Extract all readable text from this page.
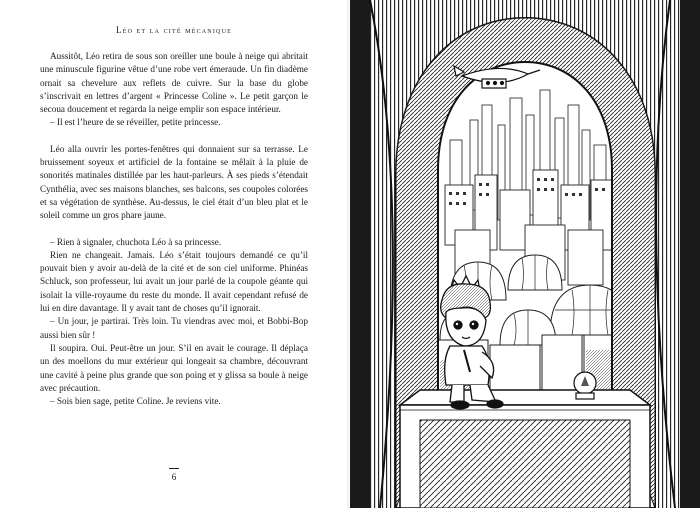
Léo et la cité mécanique

Aussitôt, Léo retira de sous son oreiller une boule à neige qui abritait une minuscule figurine vêtue d’une robe vert émeraude. Un fin diadème ornait sa chevelure aux reflets de cuivre. Sur la base du globe s’inscrivait en lettres d’argent « Princesse Coline ». Le petit garçon le secoua doucement et regarda la neige emplir son espace intérieur.

– Il est l’heure de se réveiller, petite princesse.

Léo alla ouvrir les portes-fenêtres qui donnaient sur sa terrasse. Le bruissement soyeux et artificiel de la fontaine se mêlait à la pluie de sonorités matinales distillée par les haut-parleurs. À ses pieds s’étendait Cynthélia, avec ses maisons blanches, ses balcons, ses coupoles colorées et sa végétation de synthèse. Au-dessus, le ciel était d’un bleu plat et le soleil comme un gros phare jaune.

– Rien à signaler, chuchota Léo à sa princesse.

Rien ne changeait. Jamais. Léo s’était toujours demandé ce qu’il pouvait bien y avoir au-delà de la cité et de son ciel uniforme. Phinéas Schluck, son professeur, lui avait un jour parlé de la coupole géante qui isolait la ville-royaume du reste du monde. Il avait cependant refusé de lui en dire davantage. Il y avait tant de choses qu’il ignorait.

– Un jour, je partirai. Très loin. Tu viendras avec moi, et Bobbi-Bop aussi bien sûr !

Il soupira. Oui. Peut-être un jour. S’il en avait le courage. Il déplaça un des moellons du mur extérieur qui longeait sa chambre, découvrant une cavité à peine plus grande que son poing et y glissa sa boule à neige avec précaution.

– Sois bien sage, petite Coline. Je reviens vite.

6
